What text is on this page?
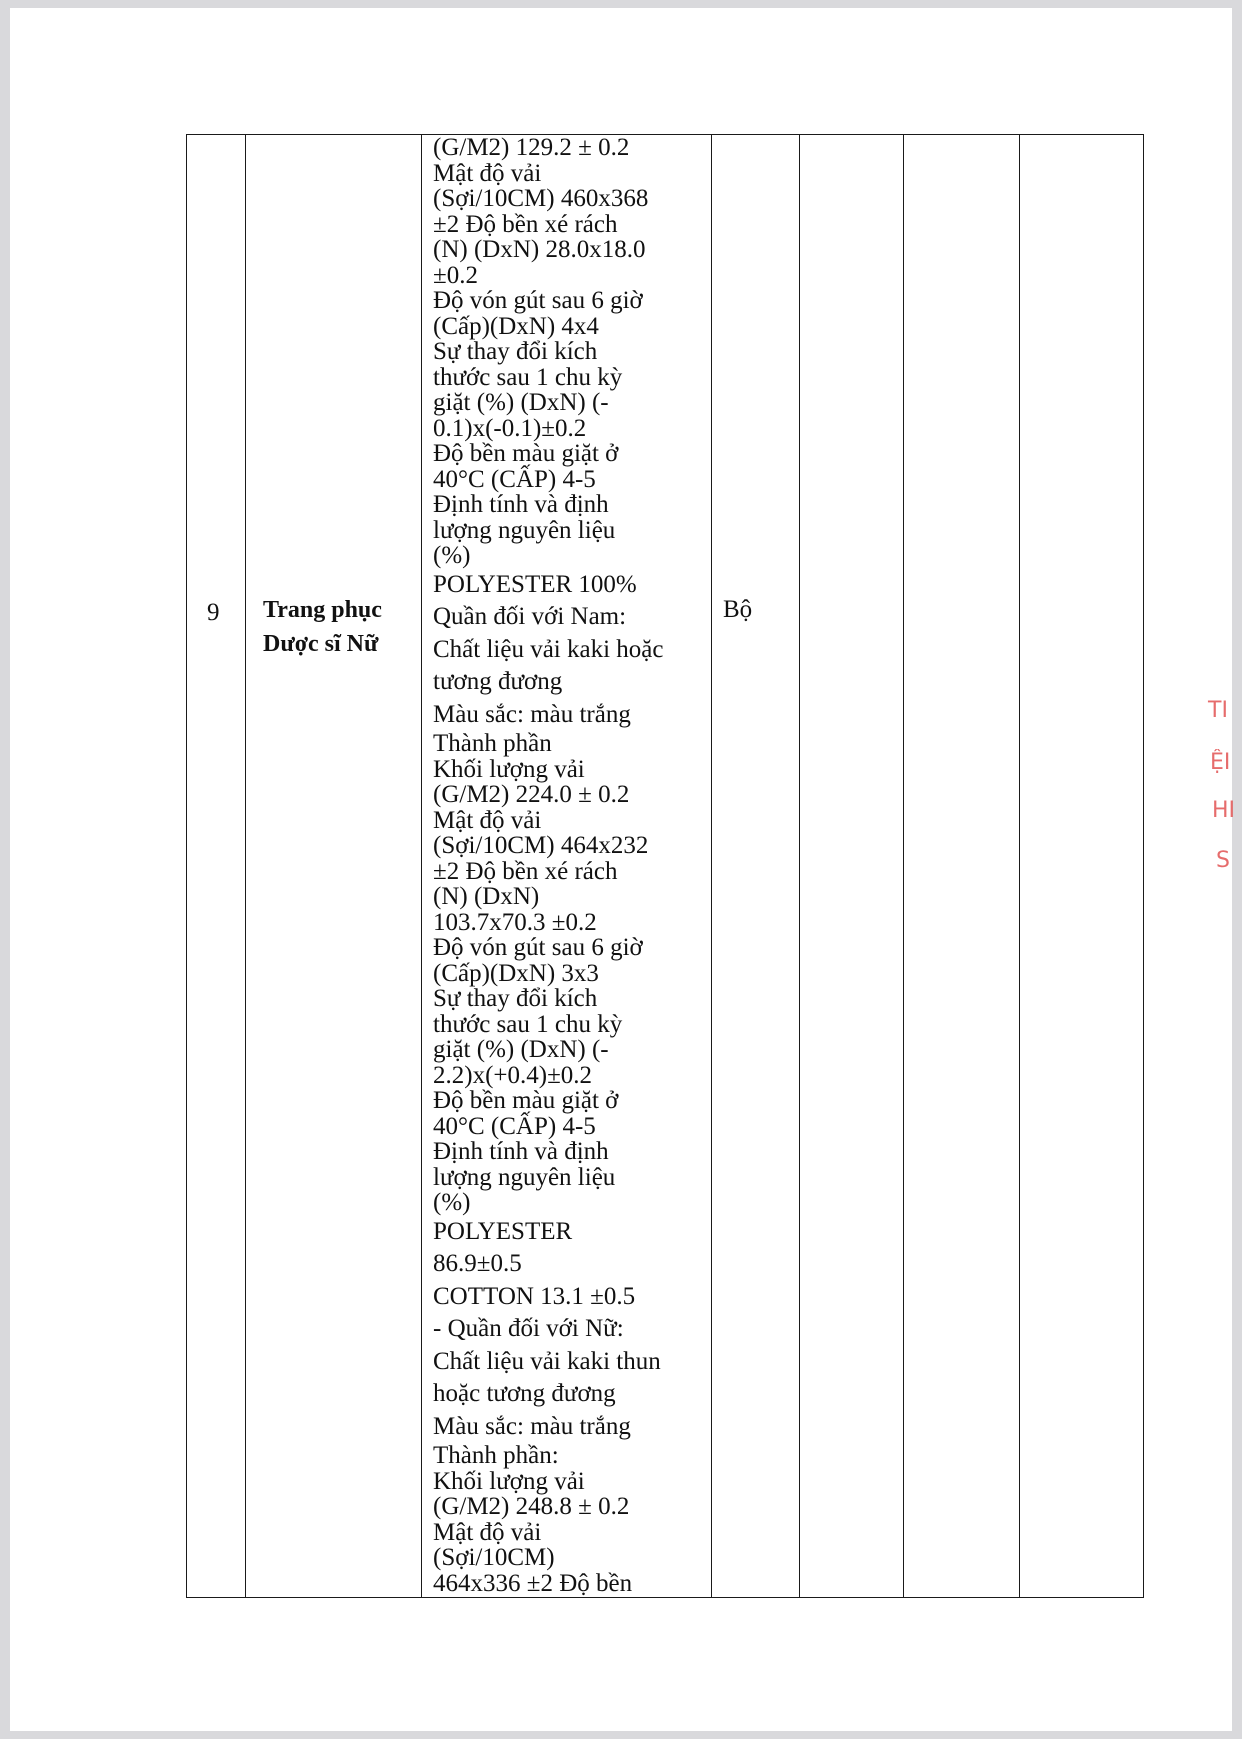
9 Trang phục
Dược sĩ Nữ
(G/M2) 129.2 ± 0.2
Mật độ vải
(Sợi/10CM) 460x368
±2 Độ bền xé rách
(N) (DxN) 28.0x18.0
±0.2
Độ vón gút sau 6 giờ
(Cấp)(DxN) 4x4
Sự thay đổi kích
thước sau 1 chu kỳ
giặt (%) (DxN) (-
0.1)x(-0.1)±0.2
Độ bền màu giặt ở
40°C (CẤP) 4-5
Định tính và định
lượng nguyên liệu
(%)
POLYESTER 100%
Quần đối với Nam:
Chất liệu vải kaki hoặc
tương đương
Màu sắc: màu trắng
Thành phần
Khối lượng vải
(G/M2) 224.0 ± 0.2
Mật độ vải
(Sợi/10CM) 464x232
±2 Độ bền xé rách
(N) (DxN)
103.7x70.3 ±0.2
Độ vón gút sau 6 giờ
(Cấp)(DxN) 3x3
Sự thay đổi kích
thước sau 1 chu kỳ
giặt (%) (DxN) (-
2.2)x(+0.4)±0.2
Độ bền màu giặt ở
40°C (CẤP) 4-5
Định tính và định
lượng nguyên liệu
(%)
POLYESTER
86.9±0.5
COTTON 13.1 ±0.5
- Quần đối với Nữ:
Chất liệu vải kaki thun
hoặc tương đương
Màu sắc: màu trắng
Thành phần:
Khối lượng vải
(G/M2) 248.8 ± 0.2
Mật độ vải
(Sợi/10CM)
464x336 ±2 Độ bền
Bộ
TI
ỆI
HI
S
